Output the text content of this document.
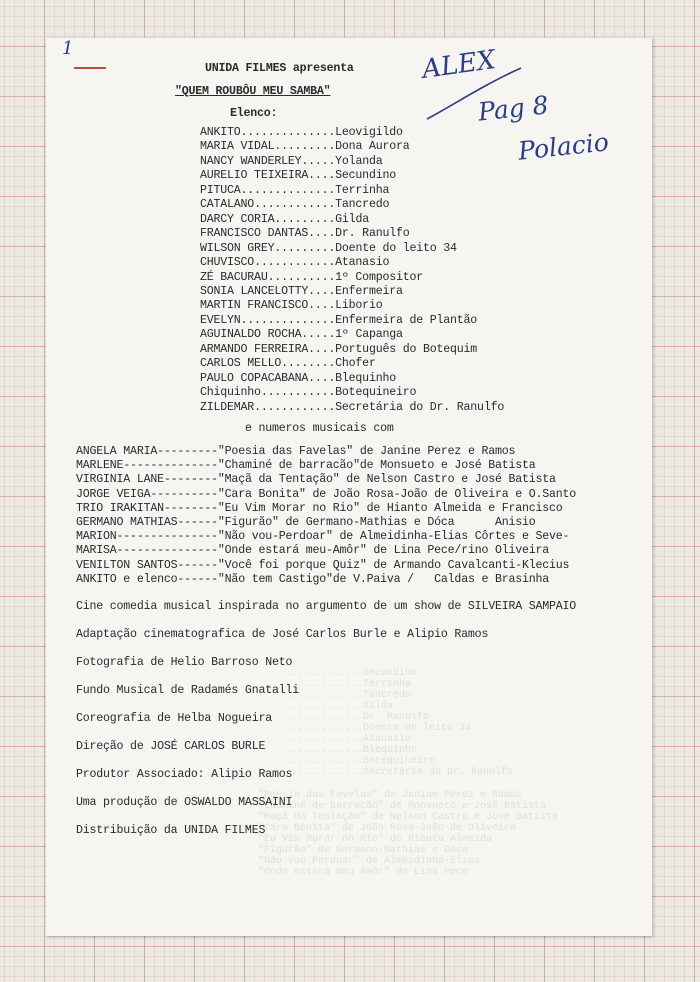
1
.............Secundino
.............Terrinha
.............Tancredo
.............Gilda
.............Dr. Ranulfo
.............Doente do leito 34
.............Atanasio
.............Blequinho
.............Botequineiro
.............Secretária do Dr. Ranulfo
"Poesia das Favelas" de Janine Perez e Ramos
"Chaminé de barracão" de Monsueto e José Batista
"Maçã da Tentação" de Nelson Castro e José Batista
"Cara Bonita" de João Rosa-João de Oliveira
"Eu Vim Morar no Rio" de Hianto Almeida
"Figurão" de Germano-Mathias e Dóca
"Não vou Perdoar" de Almeidinha-Elias
"Onde estará meu Amôr" de Lina Pece
UNIDA FILMES apresenta
"QUEM ROUBÔU MEU SAMBA"
Elenco:
ALEX
Pag 8
Polacio
ANKITO..............Leovigildo
MARIA VIDAL.........Dona Aurora
NANCY WANDERLEY.....Yolanda
AURELIO TEIXEIRA....Secundino
PITUCA..............Terrinha
CATALANO............Tancredo
DARCY CORIA.........Gilda
FRANCISCO DANTAS....Dr. Ranulfo
WILSON GREY.........Doente do leito 34
CHUVISCO............Atanasio
ZÉ BACURAU..........1º Compositor
SONIA LANCELOTTY....Enfermeira
MARTIN FRANCISCO....Liborio
EVELYN..............Enfermeira de Plantão
AGUINALDO ROCHA.....1º Capanga
ARMANDO FERREIRA....Português do Botequim
CARLOS MELLO........Chofer
PAULO COPACABANA....Blequinho
Chiquinho...........Botequineiro
ZILDEMAR............Secretária do Dr. Ranulfo
e numeros musicais com
ANGELA MARIA---------"Poesia das Favelas" de Janine Perez e Ramos
MARLENE--------------"Chaminé de barracão"de Monsueto e José Batista
VIRGINIA LANE--------"Maçã da Tentação" de Nelson Castro e José Batista
JORGE VEIGA----------"Cara Bonita" de João Rosa-João de Oliveira e O.Santo
TRIO IRAKITAN--------"Eu Vim Morar no Rio" de Hianto Almeida e Francisco
GERMANO MATHIAS------"Figurão" de Germano-Mathias e Dóca      Anisio
MARION---------------"Não vou-Perdoar" de Almeidinha-Elias Côrtes e Seve-
MARISA---------------"Onde estará meu-Amôr" de Lina Pece/rino Oliveira
VENILTON SANTOS------"Você foi porque Quiz" de Armando Cavalcanti-Klecius
ANKITO e elenco------"Não tem Castigo"de V.Paiva /   Caldas e Brasinha
Cine comedia musical inspirada no argumento de um show de SILVEIRA SAMPAIO
Adaptação cinematografica de José Carlos Burle e Alipio Ramos
Fotografia de Helio Barroso Neto
Fundo Musical de Radamés Gnatalli
Coreografia de Helba Nogueira
Direção de JOSÉ CARLOS BURLE
Produtor Associado: Alipio Ramos
Uma produção de OSWALDO MASSAINI
Distribuição da UNIDA FILMES
